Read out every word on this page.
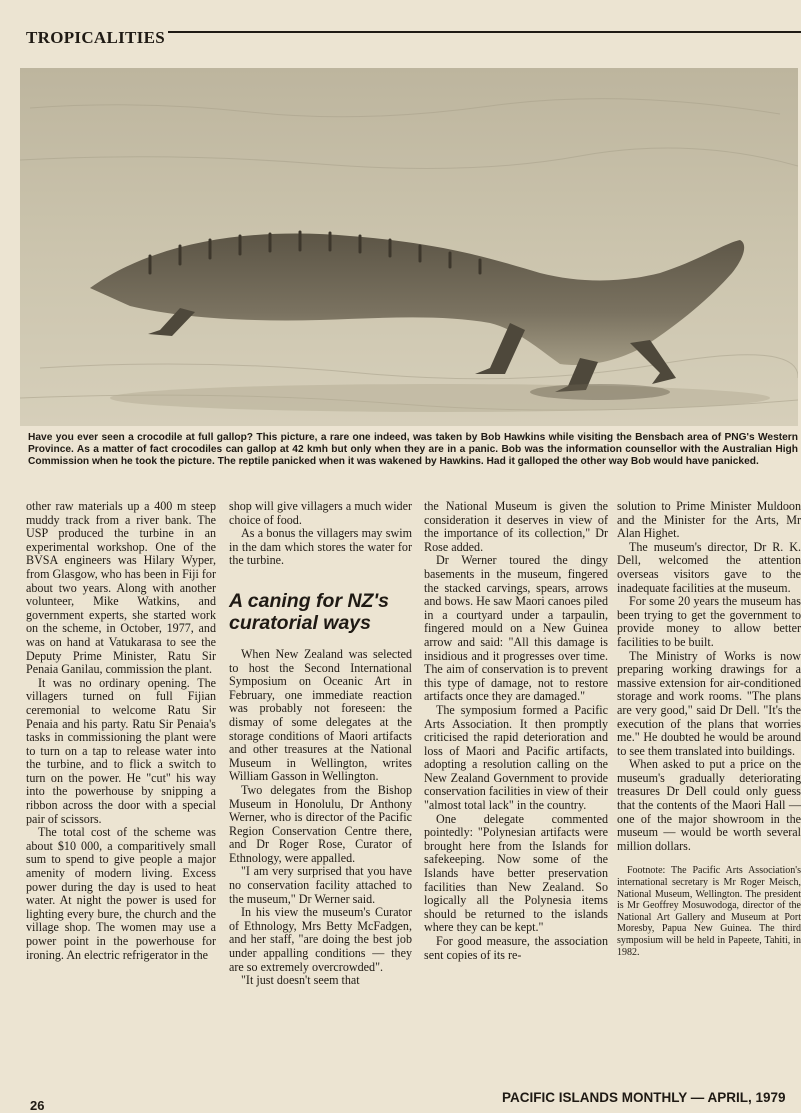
TROPICALITIES
Have you ever seen a crocodile at full gallop? This picture, a rare one indeed, was taken by Bob Hawkins while visiting the Bensbach area of PNG's Western Province. As a matter of fact crocodiles can gallop at 42 kmh but only when they are in a panic. Bob was the information counsellor with the Australian High Commission when he took the picture. The reptile panicked when it was wakened by Hawkins. Had it galloped the other way Bob would have panicked.

other raw materials up a 400 m steep muddy track from a river bank. The USP produced the turbine in an experimental workshop. One of the BVSA engineers was Hilary Wyper, from Glasgow, who has been in Fiji for about two years. Along with another volunteer, Mike Watkins, and government experts, she started work on the scheme, in October, 1977, and was on hand at Vatukarasa to see the Deputy Prime Minister, Ratu Sir Penaia Ganilau, commission the plant.

It was no ordinary opening. The villagers turned on full Fijian ceremonial to welcome Ratu Sir Penaia and his party. Ratu Sir Penaia's tasks in commissioning the plant were to turn on a tap to release water into the turbine, and to flick a switch to turn on the power. He "cut" his way into the powerhouse by snipping a ribbon across the door with a special pair of scissors.

The total cost of the scheme was about $10 000, a comparitively small sum to spend to give people a major amenity of modern living. Excess power during the day is used to heat water. At night the power is used for lighting every bure, the church and the village shop. The women may use a power point in the powerhouse for ironing. An electric refrigerator in the

shop will give villagers a much wider choice of food.

As a bonus the villagers may swim in the dam which stores the water for the turbine.

A caning for NZ's curatorial ways

When New Zealand was selected to host the Second International Symposium on Oceanic Art in February, one immediate reaction was probably not foreseen: the dismay of some delegates at the storage conditions of Maori artifacts and other treasures at the National Museum in Wellington, writes William Gasson in Wellington.

Two delegates from the Bishop Museum in Honolulu, Dr Anthony Werner, who is director of the Pacific Region Conservation Centre there, and Dr Roger Rose, Curator of Ethnology, were appalled.

"I am very surprised that you have no conservation facility attached to the museum," Dr Werner said.

In his view the museum's Curator of Ethnology, Mrs Betty McFadgen, and her staff, "are doing the best job under appalling conditions — they are so extremely overcrowded".

"It just doesn't seem that

the National Museum is given the consideration it deserves in view of the importance of its collection," Dr Rose added.

Dr Werner toured the dingy basements in the museum, fingered the stacked carvings, spears, arrows and bows. He saw Maori canoes piled in a courtyard under a tarpaulin, fingered mould on a New Guinea arrow and said: "All this damage is insidious and it progresses over time. The aim of conservation is to prevent this type of damage, not to restore artifacts once they are damaged."

The symposium formed a Pacific Arts Association. It then promptly criticised the rapid deterioration and loss of Maori and Pacific artifacts, adopting a resolution calling on the New Zealand Government to provide conservation facilities in view of their "almost total lack" in the country.

One delegate commented pointedly: "Polynesian artifacts were brought here from the Islands for safekeeping. Now some of the Islands have better preservation facilities than New Zealand. So logically all the Polynesia items should be returned to the islands where they can be kept."

For good measure, the association sent copies of its re-

solution to Prime Minister Muldoon and the Minister for the Arts, Mr Alan Highet.

The museum's director, Dr R. K. Dell, welcomed the attention overseas visitors gave to the inadequate facilities at the museum.

For some 20 years the museum has been trying to get the government to provide money to allow better facilities to be built.

The Ministry of Works is now preparing working drawings for a massive extension for air-conditioned storage and work rooms. "The plans are very good," said Dr Dell. "It's the execution of the plans that worries me." He doubted he would be around to see them translated into buildings.

When asked to put a price on the museum's gradually deteriorating treasures Dr Dell could only guess that the contents of the Maori Hall — one of the major showroom in the museum — would be worth several million dollars.

Footnote: The Pacific Arts Association's international secretary is Mr Roger Meisch, National Museum, Wellington. The president is Mr Geoffrey Mosuwodoga, director of the National Art Gallery and Museum at Port Moresby, Papua New Guinea. The third symposium will be held in Papeete, Tahiti, in 1982.

26
PACIFIC ISLANDS MONTHLY — APRIL, 1979
